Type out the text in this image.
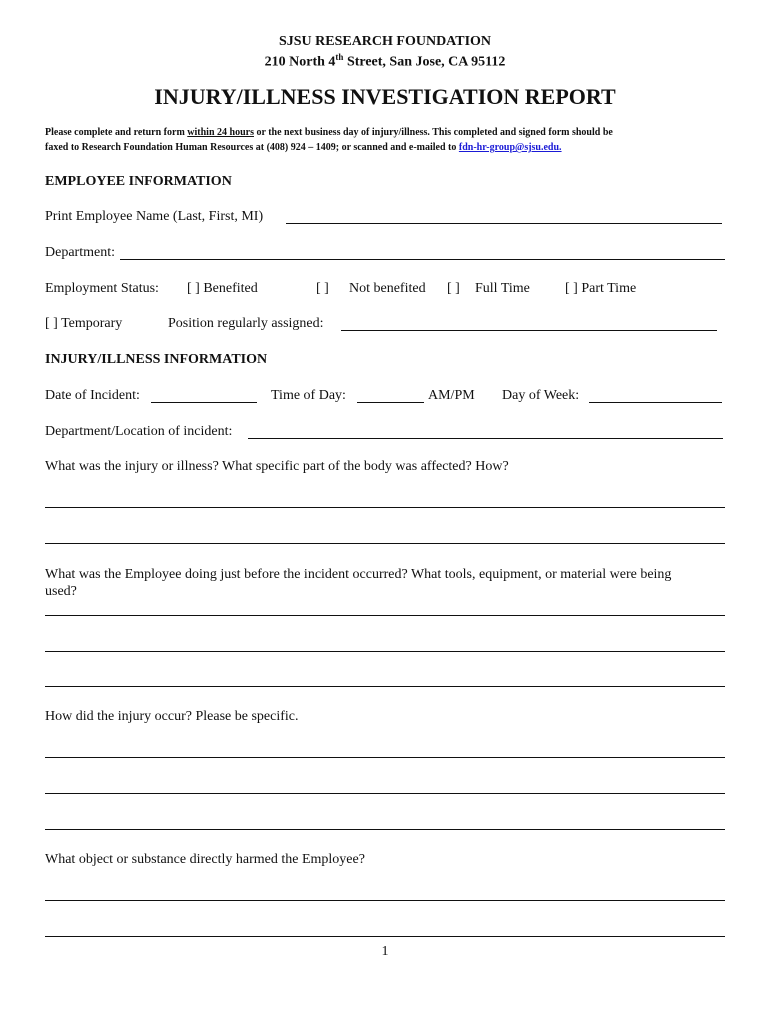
SJSU RESEARCH FOUNDATION
210 North 4th Street, San Jose, CA 95112
INJURY/ILLNESS INVESTIGATION REPORT
Please complete and return form within 24 hours or the next business day of injury/illness. This completed and signed form should be
faxed to Research Foundation Human Resources at (408) 924 – 1409; or scanned and e-mailed to fdn-hr-group@sjsu.edu.
EMPLOYEE INFORMATION
Print Employee Name (Last, First, MI)
Department:
Employment Status: [ ] Benefited	[ ] Not benefited [ ] Full Time	[ ] Part Time
[ ] Temporary	Position regularly assigned:
INJURY/ILLNESS INFORMATION
Date of Incident:	Time of Day:	AM/PM Day of Week:
Department/Location of incident:
What was the injury or illness? What specific part of the body was affected? How?
What was the Employee doing just before the incident occurred? What tools, equipment, or material were being
used?
How did the injury occur? Please be specific.
What object or substance directly harmed the Employee?
1
